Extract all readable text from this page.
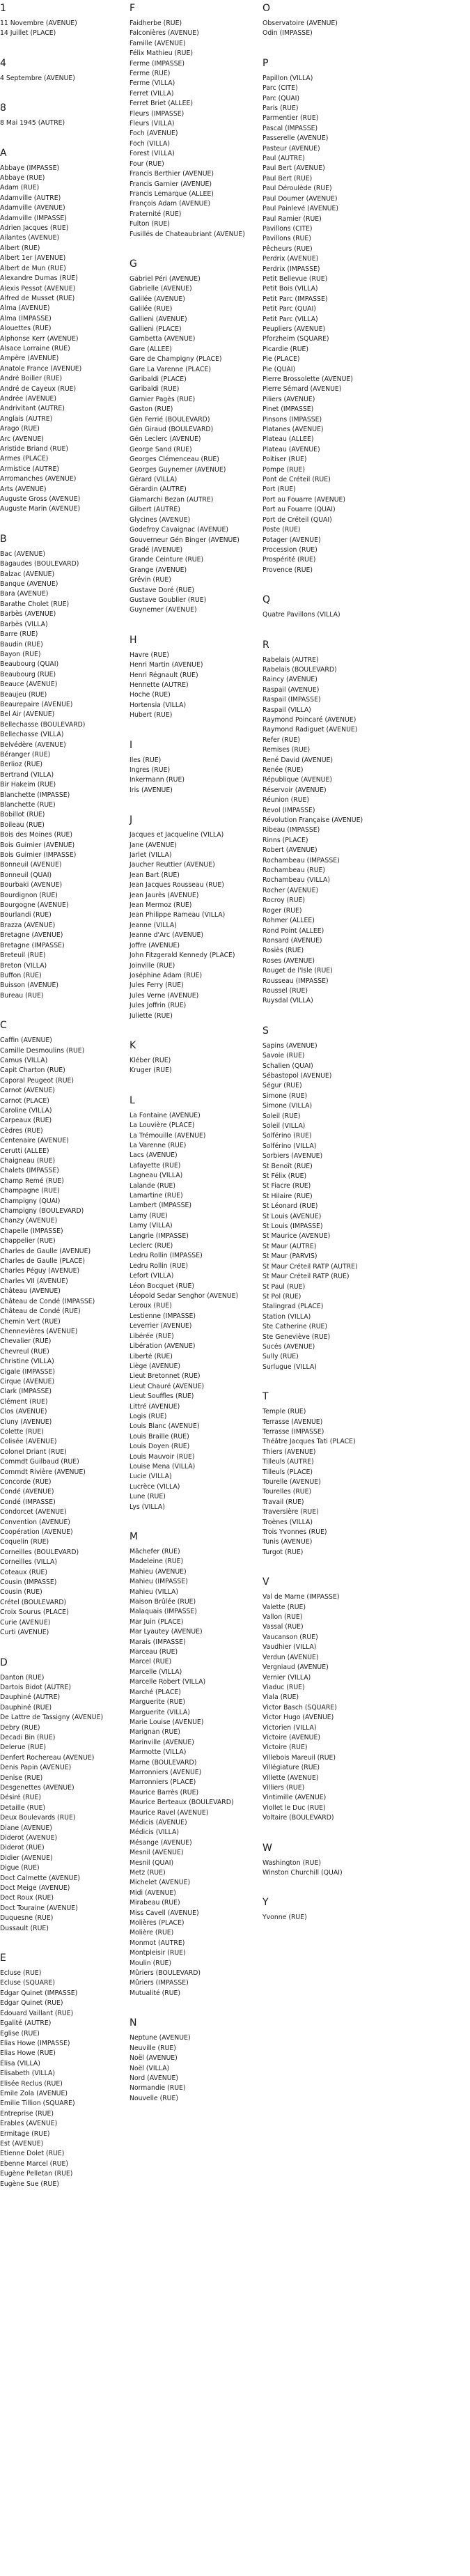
1
11 Novembre (AVENUE)
14 Juillet (PLACE)
4
4 Septembre (AVENUE)
8
8 Mai 1945 (AUTRE)
A
Abbaye (IMPASSE)
Abbaye (RUE)
Adam (RUE)
Adamville (AUTRE)
Adamville (AVENUE)
Adamville (IMPASSE)
Adrien Jacques (RUE)
Ailantes (AVENUE)
Albert (RUE)
Albert 1er (AVENUE)
Albert de Mun (RUE)
Alexandre Dumas (RUE)
Alexis Pessot (AVENUE)
Alfred de Musset (RUE)
Alma (AVENUE)
Alma (IMPASSE)
Alouettes (RUE)
Alphonse Kerr (AVENUE)
Alsace Lorraine (RUE)
Ampère (AVENUE)
Anatole France (AVENUE)
André Boiller (RUE)
André de Cayeux (RUE)
Andrée (AVENUE)
Andrivitant (AUTRE)
Anglais (AUTRE)
Arago (RUE)
Arc (AVENUE)
Aristide Briand (RUE)
Armes (PLACE)
Armistice (AUTRE)
Arromanches (AVENUE)
Arts (AVENUE)
Auguste Gross (AVENUE)
Auguste Marin (AVENUE)
B
Bac (AVENUE)
Bagaudes (BOULEVARD)
Balzac (AVENUE)
Banque (AVENUE)
Bara (AVENUE)
Barathe Cholet (RUE)
Barbès (AVENUE)
Barbès (VILLA)
Barre (RUE)
Baudin (RUE)
Bayon (RUE)
Beaubourg (QUAI)
Beaubourg (RUE)
Beauce (AVENUE)
Beaujeu (RUE)
Beaurepaire (AVENUE)
Bel Air (AVENUE)
Bellechasse (BOULEVARD)
Bellechasse (VILLA)
Belvédère (AVENUE)
Béranger (RUE)
Berlioz (RUE)
Bertrand (VILLA)
Bir Hakeim (RUE)
Blanchette (IMPASSE)
Blanchette (RUE)
Bobillot (RUE)
Boileau (RUE)
Bois des Moines (RUE)
Bois Guimier (AVENUE)
Bois Guimier (IMPASSE)
Bonneuil (AVENUE)
Bonneuil (QUAI)
Bourbaki (AVENUE)
Bourdignon (RUE)
Bourgogne (AVENUE)
Bourlandi (RUE)
Brazza (AVENUE)
Bretagne (AVENUE)
Bretagne (IMPASSE)
Breteuil (RUE)
Breton (VILLA)
Buffon (RUE)
Buisson (AVENUE)
Bureau (RUE)
C
Caffin (AVENUE)
Camille Desmoulins (RUE)
Camus (VILLA)
Capit Charton (RUE)
Caporal Peugeot (RUE)
Carnot (AVENUE)
Carnot (PLACE)
Caroline (VILLA)
Carpeaux (RUE)
Cèdres (RUE)
Centenaire (AVENUE)
Cerutti (ALLEE)
Chaigneau (RUE)
Chalets (IMPASSE)
Champ Remé (RUE)
Champagne (RUE)
Champigny (QUAI)
Champigny (BOULEVARD)
Chanzy (AVENUE)
Chapelle (IMPASSE)
Chappelier (RUE)
Charles de Gaulle (AVENUE)
Charles de Gaulle (PLACE)
Charles Péguy (AVENUE)
Charles VII (AVENUE)
Château (AVENUE)
Château de Condé (IMPASSE)
Château de Condé (RUE)
Chemin Vert (RUE)
Chennevières (AVENUE)
Chevalier (RUE)
Chevreul (RUE)
Christine (VILLA)
Cigale (IMPASSE)
Cirque (AVENUE)
Clark (IMPASSE)
Clément (RUE)
Clos (AVENUE)
Cluny (AVENUE)
Colette (RUE)
Colisée (AVENUE)
Colonel Driant (RUE)
Commdt Guilbaud (RUE)
Commdt Rivière (AVENUE)
Concorde (RUE)
Condé (AVENUE)
Condé (IMPASSE)
Condorcet (AVENUE)
Convention (AVENUE)
Coopération (AVENUE)
Coquelin (RUE)
Corneilles (BOULEVARD)
Corneilles (VILLA)
Coteaux (RUE)
Cousin (IMPASSE)
Cousin (RUE)
Crétel (BOULEVARD)
Croix Sourus (PLACE)
Curie (AVENUE)
Curti (AVENUE)
D
Danton (RUE)
Dartois Bidot (AUTRE)
Dauphiné (AUTRE)
Dauphiné (RUE)
De Lattre de Tassigny (AVENUE)
Debry (RUE)
Decadi Bin (RUE)
Delerue (RUE)
Denfert Rochereau (AVENUE)
Denis Papin (AVENUE)
Denise (RUE)
Desgenettes (AVENUE)
Désiré (RUE)
Detaille (RUE)
Deux Boulevards (RUE)
Diane (AVENUE)
Diderot (AVENUE)
Diderot (RUE)
Didier (AVENUE)
Digue (RUE)
Doct Calmette (AVENUE)
Doct Meige (AVENUE)
Doct Roux (RUE)
Doct Touraine (AVENUE)
Duquesne (RUE)
Dussault (RUE)
E
Ecluse (RUE)
Ecluse (SQUARE)
Edgar Quinet (IMPASSE)
Edgar Quinet (RUE)
Edouard Vaillant (RUE)
Egalité (AUTRE)
Eglise (RUE)
Elias Howe (IMPASSE)
Elias Howe (RUE)
Elisa (VILLA)
Elisabeth (VILLA)
Elisée Reclus (RUE)
Emile Zola (AVENUE)
Emilie Tillion (SQUARE)
Entreprise (RUE)
Erables (AVENUE)
Ermitage (RUE)
Est (AVENUE)
Etienne Dolet (RUE)
Ebenne Marcel (RUE)
Eugène Pelletan (RUE)
Eugène Sue (RUE)
F
Faidherbe (RUE)
Falconières (AVENUE)
Famille (AVENUE)
Félix Mathieu (RUE)
Ferme (IMPASSE)
Ferme (RUE)
Ferme (VILLA)
Ferret (VILLA)
Ferret Briet (ALLEE)
Fleurs (IMPASSE)
Fleurs (VILLA)
Foch (AVENUE)
Foch (VILLA)
Forest (VILLA)
Four (RUE)
Francis Berthier (AVENUE)
Francis Garnier (AVENUE)
Francis Lemarque (ALLEE)
François Adam (AVENUE)
Fraternité (RUE)
Fulton (RUE)
Fusillés de Chateaubriant (AVENUE)
G
Gabriel Péri (AVENUE)
Gabrielle (AVENUE)
Galilée (AVENUE)
Galilée (RUE)
Gallieni (AVENUE)
Gallieni (PLACE)
Gambetta (AVENUE)
Gare (ALLEE)
Gare de Champigny (PLACE)
Gare La Varenne (PLACE)
Garibaldi (PLACE)
Garibaldi (RUE)
Garnier Pagès (RUE)
Gaston (RUE)
Gén Ferrié (BOULEVARD)
Gén Giraud (BOULEVARD)
Gén Leclerc (AVENUE)
George Sand (RUE)
Georges Clémenceau (RUE)
Georges Guynemer (AVENUE)
Gérard (VILLA)
Gérardin (AUTRE)
Giamarchi Bezan (AUTRE)
Gilbert (AUTRE)
Glycines (AVENUE)
Godefroy Cavaignac (AVENUE)
Gouverneur Gén Binger (AVENUE)
Gradé (AVENUE)
Grande Ceinture (RUE)
Grange (AVENUE)
Grévin (RUE)
Gustave Doré (RUE)
Gustave Goublier (RUE)
Guynemer (AVENUE)
H
Havre (RUE)
Henri Martin (AVENUE)
Henri Régnault (RUE)
Hennette (AUTRE)
Hoche (RUE)
Hortensia (VILLA)
Hubert (RUE)
I
Iles (RUE)
Ingres (RUE)
Inkermann (RUE)
Iris (AVENUE)
J
Jacques et Jacqueline (VILLA)
Jane (AVENUE)
Jarlet (VILLA)
Jaucher Reuttier (AVENUE)
Jean Bart (RUE)
Jean Jacques Rousseau (RUE)
Jean Jaurès (AVENUE)
Jean Mermoz (RUE)
Jean Philippe Rameau (VILLA)
Jeanne (VILLA)
Jeanne d'Arc (AVENUE)
Joffre (AVENUE)
John Fitzgerald Kennedy (PLACE)
Joinville (RUE)
Joséphine Adam (RUE)
Jules Ferry (RUE)
Jules Verne (AVENUE)
Jules Joffrin (RUE)
Juliette (RUE)
K
Kléber (RUE)
Kruger (RUE)
L
La Fontaine (AVENUE)
La Louvière (PLACE)
La Trémouille (AVENUE)
La Varenne (RUE)
Lacs (AVENUE)
Lafayette (RUE)
Lagneau (VILLA)
Lalande (RUE)
Lamartine (RUE)
Lambert (IMPASSE)
Lamy (RUE)
Lamy (VILLA)
Langrie (IMPASSE)
Leclerc (RUE)
Ledru Rollin (IMPASSE)
Ledru Rollin (RUE)
Lefort (VILLA)
Léon Bocquet (RUE)
Léopold Sedar Senghor (AVENUE)
Leroux (RUE)
Lestienne (IMPASSE)
Leverrier (AVENUE)
Libérée (RUE)
Libération (AVENUE)
Liberté (RUE)
Liège (AVENUE)
Lieut Bretonnet (RUE)
Lieut Chauré (AVENUE)
Lieut Souffles (RUE)
Littré (AVENUE)
Logis (RUE)
Louis Blanc (AVENUE)
Louis Braille (RUE)
Louis Doyen (RUE)
Louis Mauvoir (RUE)
Louise Mena (VILLA)
Lucie (VILLA)
Lucrèce (VILLA)
Lune (RUE)
Lys (VILLA)
M
Mâchefer (RUE)
Madeleine (RUE)
Mahieu (AVENUE)
Mahieu (IMPASSE)
Mahieu (VILLA)
Maison Brûlée (RUE)
Malaquais (IMPASSE)
Mar Juin (PLACE)
Mar Lyautey (AVENUE)
Marais (IMPASSE)
Marceau (RUE)
Marcel (RUE)
Marcelle (VILLA)
Marcelle Robert (VILLA)
Marché (PLACE)
Marguerite (RUE)
Marguerite (VILLA)
Marie Louise (AVENUE)
Marignan (RUE)
Marinville (AVENUE)
Marmotte (VILLA)
Marne (BOULEVARD)
Marronniers (AVENUE)
Marronniers (PLACE)
Maurice Barrès (RUE)
Maurice Berteaux (BOULEVARD)
Maurice Ravel (AVENUE)
Médicis (AVENUE)
Médicis (VILLA)
Mésange (AVENUE)
Mesnil (AVENUE)
Mesnil (QUAI)
Metz (RUE)
Michelet (AVENUE)
Midi (AVENUE)
Mirabeau (RUE)
Miss Cavell (AVENUE)
Molières (PLACE)
Molière (RUE)
Monmot (AUTRE)
Montpleisir (RUE)
Moulin (RUE)
Mûriers (BOULEVARD)
Mûriers (IMPASSE)
Mutualité (RUE)
N
Neptune (AVENUE)
Neuville (RUE)
Noël (AVENUE)
Noël (VILLA)
Nord (AVENUE)
Normandie (RUE)
Nouvelle (RUE)
O
Observatoire (AVENUE)
Odin (IMPASSE)
P
Papillon (VILLA)
Parc (CITE)
Parc (QUAI)
Paris (RUE)
Parmentier (RUE)
Pascal (IMPASSE)
Passerelle (AVENUE)
Pasteur (AVENUE)
Paul (AUTRE)
Paul Bert (AVENUE)
Paul Bert (RUE)
Paul Déroulède (RUE)
Paul Doumer (AVENUE)
Paul Painlevé (AVENUE)
Paul Ramier (RUE)
Pavillons (CITE)
Pavillons (RUE)
Pêcheurs (RUE)
Perdrix (AVENUE)
Perdrix (IMPASSE)
Petit Bellevue (RUE)
Petit Bois (VILLA)
Petit Parc (IMPASSE)
Petit Parc (QUAI)
Petit Parc (VILLA)
Peupliers (AVENUE)
Pforzheim (SQUARE)
Picardie (RUE)
Pie (PLACE)
Pie (QUAI)
Pierre Brossolette (AVENUE)
Pierre Sémard (AVENUE)
Piliers (AVENUE)
Pinet (IMPASSE)
Pinsons (IMPASSE)
Platanes (AVENUE)
Plateau (ALLEE)
Plateau (AVENUE)
Poitiser (RUE)
Pompe (RUE)
Pont de Créteil (RUE)
Port (RUE)
Port au Fouarre (AVENUE)
Port au Fouarre (QUAI)
Port de Créteil (QUAI)
Poste (RUE)
Potager (AVENUE)
Procession (RUE)
Prospérité (RUE)
Provence (RUE)
Q
Quatre Pavillons (VILLA)
R
Rabelais (AUTRE)
Rabelais (BOULEVARD)
Raincy (AVENUE)
Raspail (AVENUE)
Raspail (IMPASSE)
Raspail (VILLA)
Raymond Poincaré (AVENUE)
Raymond Radiguet (AVENUE)
Refer (RUE)
Remises (RUE)
René David (AVENUE)
Renée (RUE)
République (AVENUE)
Réservoir (AVENUE)
Réunion (RUE)
Revol (IMPASSE)
Révolution Française (AVENUE)
Ribeau (IMPASSE)
Rinns (PLACE)
Robert (AVENUE)
Rochambeau (IMPASSE)
Rochambeau (RUE)
Rochambeau (VILLA)
Rocher (AVENUE)
Rocroy (RUE)
Roger (RUE)
Rohmer (ALLEE)
Rond Point (ALLEE)
Ronsard (AVENUE)
Rosiès (RUE)
Roses (AVENUE)
Rouget de l'Isle (RUE)
Rousseau (IMPASSE)
Roussel (RUE)
Ruysdal (VILLA)
S
Sapins (AVENUE)
Savoie (RUE)
Schalien (QUAI)
Sébastopol (AVENUE)
Ségur (RUE)
Simone (RUE)
Simone (VILLA)
Soleil (RUE)
Soleil (VILLA)
Solférino (RUE)
Solférino (VILLA)
Sorbiers (AVENUE)
St Benoît (RUE)
St Félix (RUE)
St Fiacre (RUE)
St Hilaire (RUE)
St Léonard (RUE)
St Louis (AVENUE)
St Louis (IMPASSE)
St Maurice (AVENUE)
St Maur (AUTRE)
St Maur (PARVIS)
St Maur Créteil RATP (AUTRE)
St Maur Créteil RATP (RUE)
St Paul (RUE)
St Pol (RUE)
Stalingrad (PLACE)
Station (VILLA)
Ste Catherine (RUE)
Ste Geneviève (RUE)
Sucés (AVENUE)
Sully (RUE)
Surlugue (VILLA)
T
Temple (RUE)
Terrasse (AVENUE)
Terrasse (IMPASSE)
Théâtre Jacques Tati (PLACE)
Thiers (AVENUE)
Tilleuls (AUTRE)
Tilleuls (PLACE)
Tourelle (AVENUE)
Tourelles (RUE)
Travail (RUE)
Traversière (RUE)
Troènes (VILLA)
Trois Yvonnes (RUE)
Tunis (AVENUE)
Turgot (RUE)
V
Val de Marne (IMPASSE)
Valette (RUE)
Vallon (RUE)
Vassal (RUE)
Vaucanson (RUE)
Vaudhier (VILLA)
Verdun (AVENUE)
Vergniaud (AVENUE)
Vernier (VILLA)
Viaduc (RUE)
Viala (RUE)
Victor Basch (SQUARE)
Victor Hugo (AVENUE)
Victorien (VILLA)
Victoire (AVENUE)
Victoire (RUE)
Villebois Mareuil (RUE)
Villégiature (RUE)
Villette (AVENUE)
Villiers (RUE)
Vintimille (AVENUE)
Viollet le Duc (RUE)
Voltaire (BOULEVARD)
W
Washington (RUE)
Winston Churchill (QUAI)
Y
Yvonne (RUE)
